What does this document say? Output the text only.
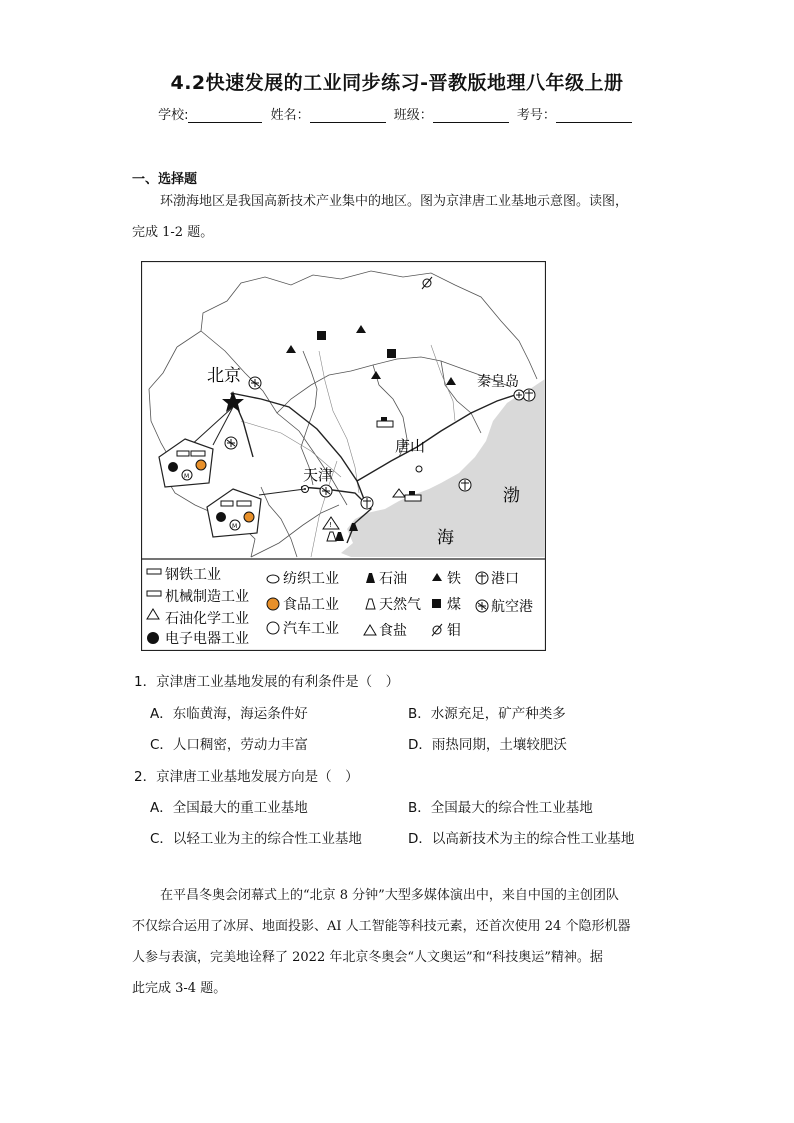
4.2快速发展的工业同步练习-晋教版地理八年级上册
学校:	姓名：	班级：	考号：
一、选择题
环渤海地区是我国高新技术产业集中的地区。图为京津唐工业基地示意图。读图，
完成 1-2 题。
北京
天津
唐山
秦皇岛
渤
海
!
M
M
钢铁工业
机械制造工业
石油化学工业
电子电器工业
纺织工业
食品工业
汽车工业
石油
天然气
食盐
铁
煤
钼
港口
航空港
1．京津唐工业基地发展的有利条件是（　）
A．东临黄海，海运条件好	B．水源充足，矿产种类多
C．人口稠密，劳动力丰富	D．雨热同期，土壤较肥沃
2．京津唐工业基地发展方向是（　）
A．全国最大的重工业基地	B．全国最大的综合性工业基地
C．以轻工业为主的综合性工业基地	D．以高新技术为主的综合性工业基地
在平昌冬奥会闭幕式上的“北京 8 分钟”大型多媒体演出中，来自中国的主创团队
不仅综合运用了冰屏、地面投影、AI 人工智能等科技元素，还首次使用 24 个隐形机器
人参与表演，完美地诠释了 2022 年北京冬奥会“人文奥运”和“科技奥运”精神。据
此完成 3-4 题。
